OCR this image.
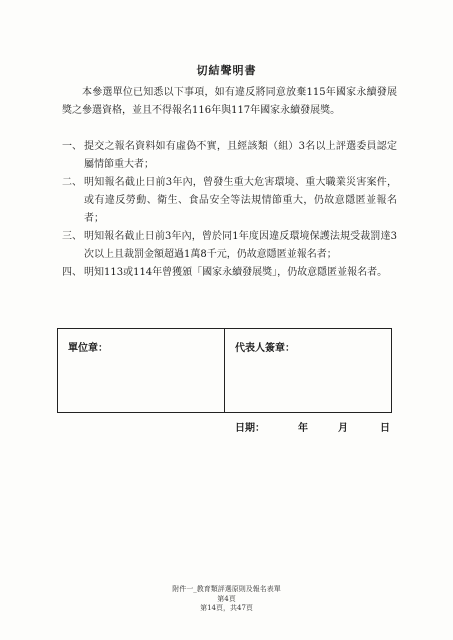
切結聲明書
本參選單位已知悉以下事項，如有違反將同意放棄115年國家永續發展獎之參選資格，並且不得報名116年與117年國家永續發展獎。
一、 提交之報名資料如有虛偽不實，且經該類（組）3名以上評選委員認定屬情節重大者；
二、 明知報名截止日前3年內，曾發生重大危害環境、重大職業災害案件，或有違反勞動、衛生、食品安全等法規情節重大，仍故意隱匿並報名者；
三、 明知報名截止日前3年內，曾於同1年度因違反環境保護法規受裁罰達3次以上且裁罰金額超過1萬8千元，仍故意隱匿並報名者；
四、 明知113或114年曾獲頒「國家永續發展獎」，仍故意隱匿並報名者。
單位章：	代表人簽章：
日期：	年	月	日
附件一_教育類評選原則及報名表單
第4頁
第14頁，共47頁
